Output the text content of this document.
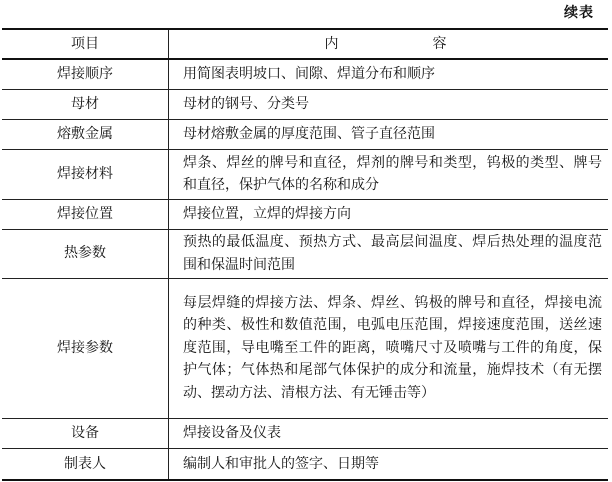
续表
项目	内　容
焊接顺序	用简图表明坡口、间隙、焊道分布和顺序
母材	母材的钢号、分类号
熔敷金属	母材熔敷金属的厚度范围、管子直径范围
焊接材料	焊条、焊丝的牌号和直径，焊剂的牌号和类型，钨极的类型、牌号和直径，保护气体的名称和成分
焊接位置	焊接位置，立焊的焊接方向
热参数	预热的最低温度、预热方式、最高层间温度、焊后热处理的温度范围和保温时间范围
焊接参数	每层焊缝的焊接方法、焊条、焊丝、钨极的牌号和直径，焊接电流的种类、极性和数值范围，电弧电压范围，焊接速度范围，送丝速度范围，导电嘴至工件的距离，喷嘴尺寸及喷嘴与工件的角度，保护气体；气体热和尾部气体保护的成分和流量，施焊技术（有无摆动、摆动方法、清根方法、有无锤击等）
设备	焊接设备及仪表
制表人	编制人和审批人的签字、日期等
